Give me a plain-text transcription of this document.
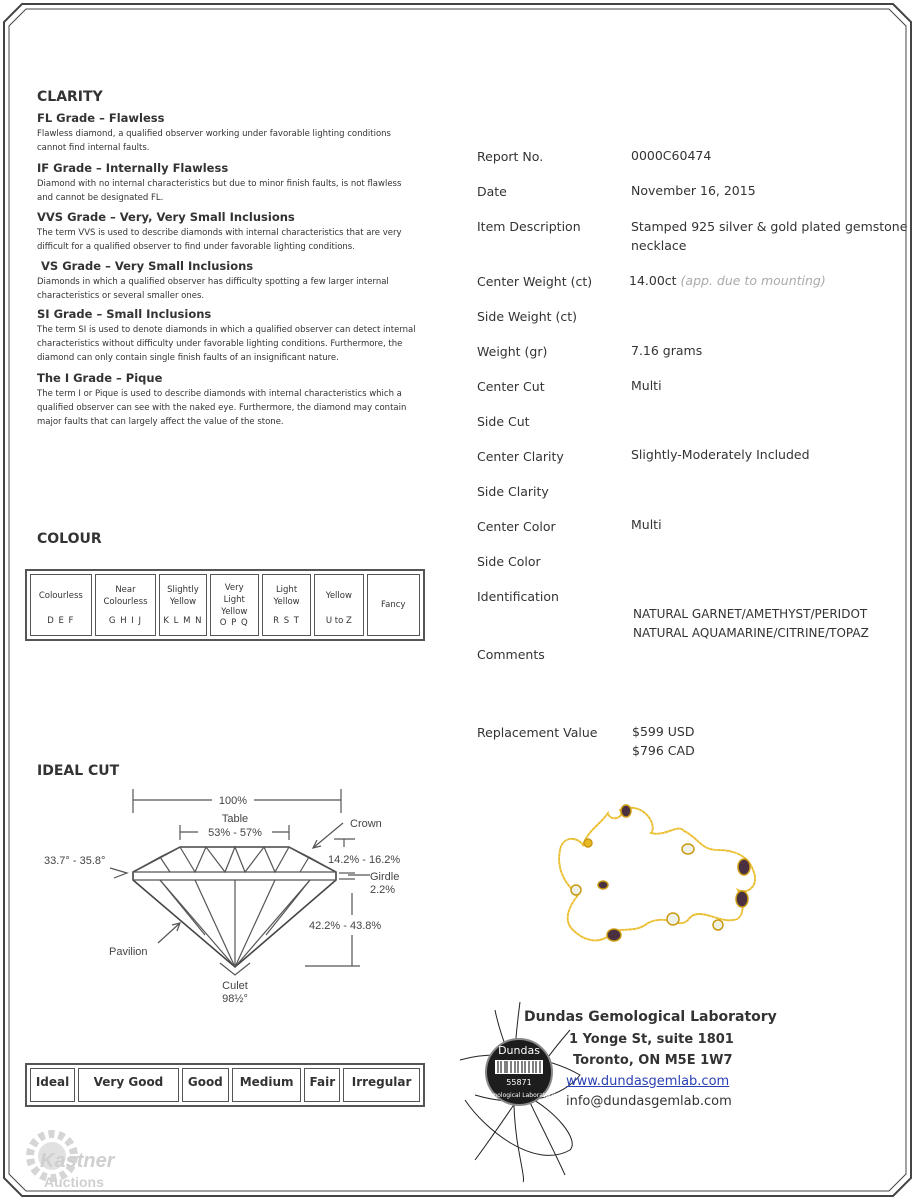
CLARITY
FL Grade – Flawless
Flawless diamond, a qualified observer working under favorable lighting conditions
cannot find internal faults.
IF Grade – Internally Flawless
Diamond with no internal characteristics but due to minor finish faults, is not flawless
and cannot be designated FL.
VVS Grade – Very, Very Small Inclusions
The term VVS is used to describe diamonds with internal characteristics that are very
difficult for a qualified observer to find under favorable lighting conditions.
VS Grade – Very Small Inclusions
Diamonds in which a qualified observer has difficulty spotting a few larger internal
characteristics or several smaller ones.
SI Grade – Small Inclusions
The term SI is used to denote diamonds in which a qualified observer can detect internal
characteristics without difficulty under favorable lighting conditions. Furthermore, the
diamond can only contain single finish faults of an insignificant nature.
The I Grade – Pique
The term I or Pique is used to describe diamonds with internal characteristics which a
qualified observer can see with the naked eye. Furthermore, the diamond may contain
major faults that can largely affect the value of the stone.
COLOUR
Colourless
D E F

Near Colourless
G H I J

Slightly Yellow
K L M N

Very Light Yellow
O P Q

Light Yellow
R S T

Yellow
U to Z

Fancy
IDEAL CUT
100%
Table
53% - 57%
Crown
33.7° - 35.8°	14.2% - 16.2%
Girdle
2.2%
42.2% - 43.8%
Pavilion
Culet
98½°
Ideal	Very Good	Good	Medium	Fair	Irregular
Report No.	0000C60474
Date	November 16, 2015
Item Description	Stamped 925 silver & gold plated gemstone
necklace
Center Weight (ct)	14.00ct (app. due to mounting)
Side Weight (ct)
Weight (gr)	7.16 grams
Center Cut	Multi
Side Cut
Center Clarity	Slightly-Moderately Included
Side Clarity
Center Color	Multi
Side Color
Identification
NATURAL GARNET/AMETHYST/PERIDOT
NATURAL AQUAMARINE/CITRINE/TOPAZ
Comments
Replacement Value	$599 USD
$796 CAD
Dundas
55871
Gemological Laboratory
Dundas Gemological Laboratory
1 Yonge St, suite 1801
Toronto, ON M5E 1W7
www.dundasgemlab.com
info@dundasgemlab.com
Kastner
Auctions
